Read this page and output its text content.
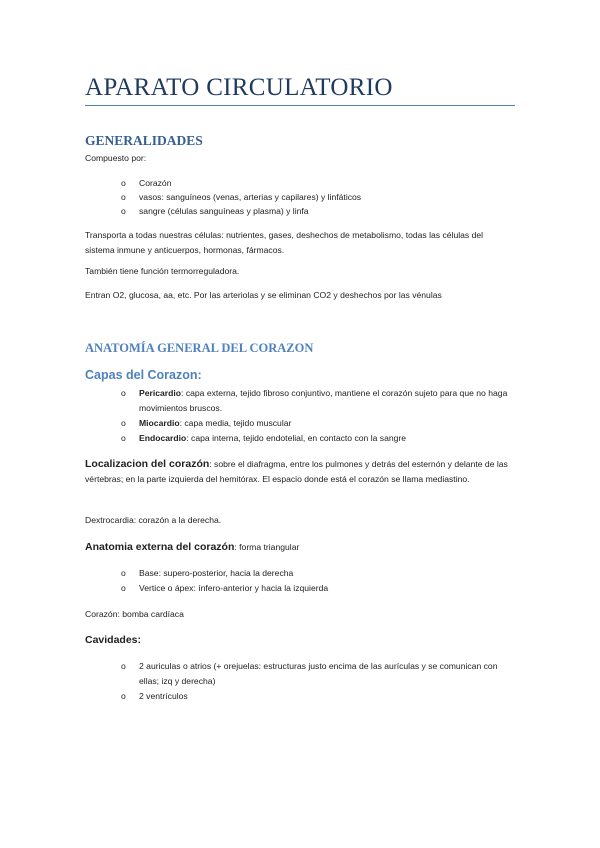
APARATO CIRCULATORIO
GENERALIDADES
Compuesto por:
o Corazón
o vasos: sanguíneos (venas, arterias y capilares) y linfáticos
o sangre (células sanguíneas y plasma) y linfa
Transporta a todas nuestras células: nutrientes, gases, deshechos de metabolismo, todas las células del sistema inmune y anticuerpos, hormonas, fármacos.
También tiene función termorreguladora.
Entran O2, glucosa, aa, etc. Por las arteriolas y se eliminan CO2 y deshechos por las vénulas
ANATOMÍA GENERAL DEL CORAZON
Capas del Corazon:
o Pericardio: capa externa, tejido fibroso conjuntivo, mantiene el corazón sujeto para que no haga movimientos bruscos.
o Miocardio: capa media, tejido muscular
o Endocardio: capa interna, tejido endotelial, en contacto con la sangre
Localizacion del corazón: sobre el diafragma, entre los pulmones y detrás del esternón y delante de las vértebras; en la parte izquierda del hemitórax. El espacio donde está el corazón se llama mediastino.
Dextrocardia: corazón a la derecha.
Anatomia externa del corazón: forma triangular
o Base: supero-posterior, hacia la derecha
o Vertice o ápex: ínfero-anterior y hacia la izquierda
Corazón: bomba cardíaca
Cavidades:
o 2 auriculas o atrios (+ orejuelas: estructuras justo encima de las aurículas y se comunican con ellas; izq y derecha)
o 2 ventrículos
